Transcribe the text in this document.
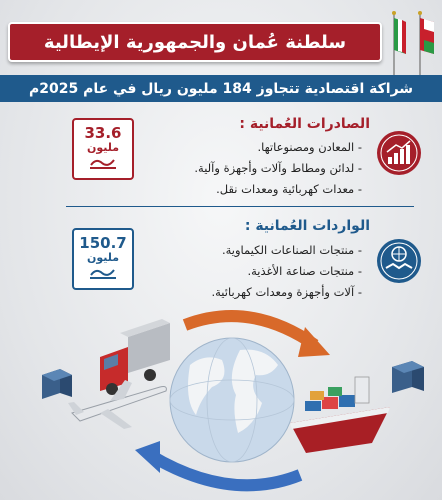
سلطنة عُمان والجمهورية الإيطالية
شراكة اقتصادية تتجاوز 184 مليون ريال في عام 2025م
الصادرات العُمانية :
- المعادن ومصنوعاتها.
- لدائن ومطاط وآلات وأجهزة وآلية.
- معدات كهربائية ومعدات نقل.
33.6
مليون
الواردات العُمانية :
- منتجات الصناعات الكيماوية.
- منتجات صناعة الأغذية.
- آلات وأجهزة ومعدات كهربائية.
150.7
مليون
